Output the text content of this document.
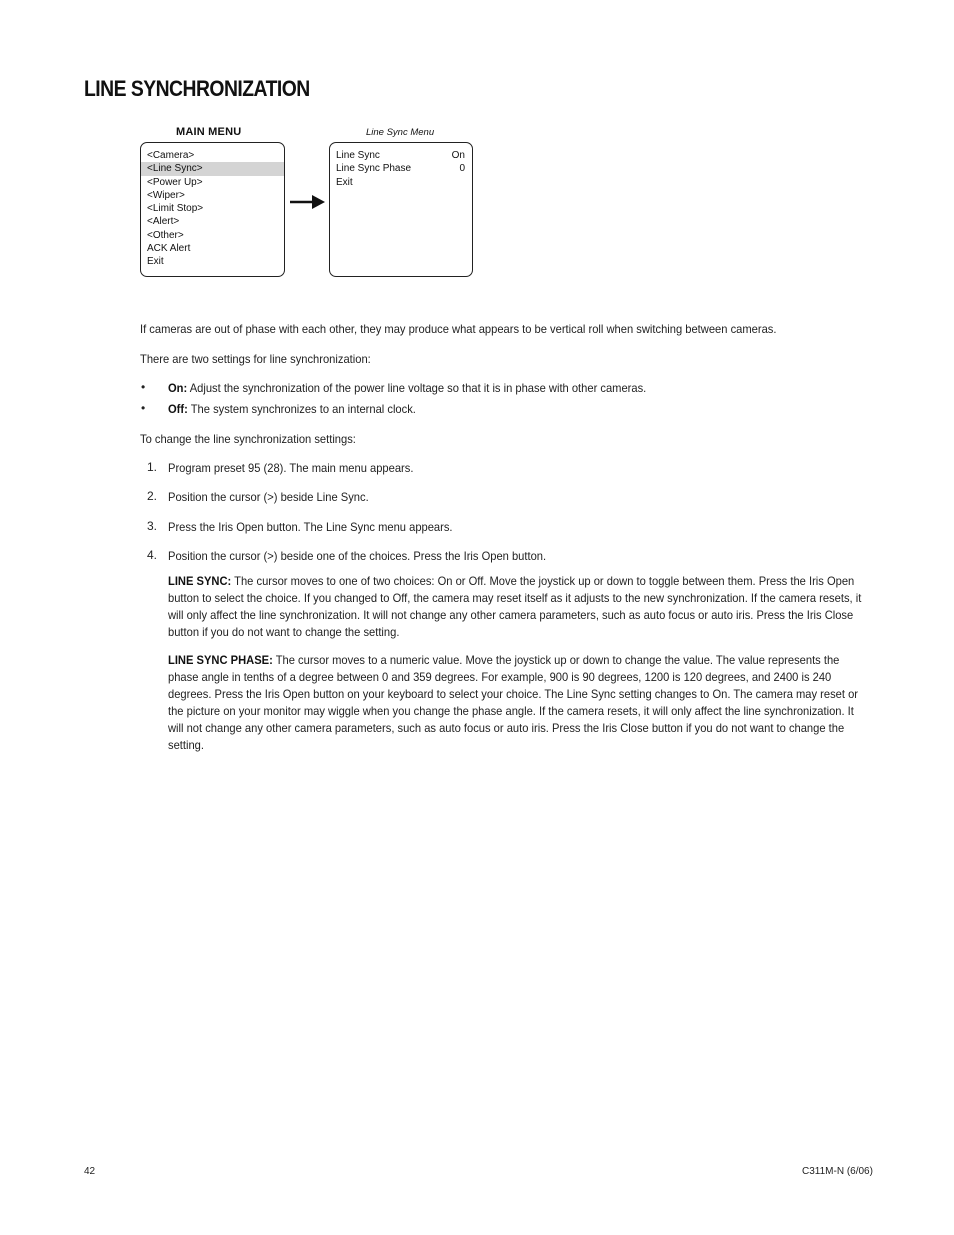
LINE SYNCHRONIZATION
MAIN MENU	Line Sync Menu
<Camera>
<Line Sync>
<Power Up>
<Wiper>
<Limit Stop>
<Alert>
<Other>
ACK Alert
Exit
Line Sync	On
Line Sync Phase	0
Exit
If cameras are out of phase with each other, they may produce what appears to be vertical roll when switching between cameras.
There are two settings for line synchronization:
• On: Adjust the synchronization of the power line voltage so that it is in phase with other cameras.
• Off: The system synchronizes to an internal clock.
To change the line synchronization settings:
1. Program preset 95 (28). The main menu appears.
2. Position the cursor (>) beside Line Sync.
3. Press the Iris Open button. The Line Sync menu appears.
4. Position the cursor (>) beside one of the choices. Press the Iris Open button.
LINE SYNC: The cursor moves to one of two choices: On or Off. Move the joystick up or down to toggle between them. Press the Iris Open button to select the choice. If you changed to Off, the camera may reset itself as it adjusts to the new synchronization. If the camera resets, it will only affect the line synchronization. It will not change any other camera parameters, such as auto focus or auto iris. Press the Iris Close button if you do not want to change the setting.
LINE SYNC PHASE: The cursor moves to a numeric value. Move the joystick up or down to change the value. The value represents the phase angle in tenths of a degree between 0 and 359 degrees. For example, 900 is 90 degrees, 1200 is 120 degrees, and 2400 is 240 degrees. Press the Iris Open button on your keyboard to select your choice. The Line Sync setting changes to On. The camera may reset or the picture on your monitor may wiggle when you change the phase angle. If the camera resets, it will only affect the line synchronization. It will not change any other camera parameters, such as auto focus or auto iris. Press the Iris Close button if you do not want to change the setting.
42	C311M-N (6/06)
